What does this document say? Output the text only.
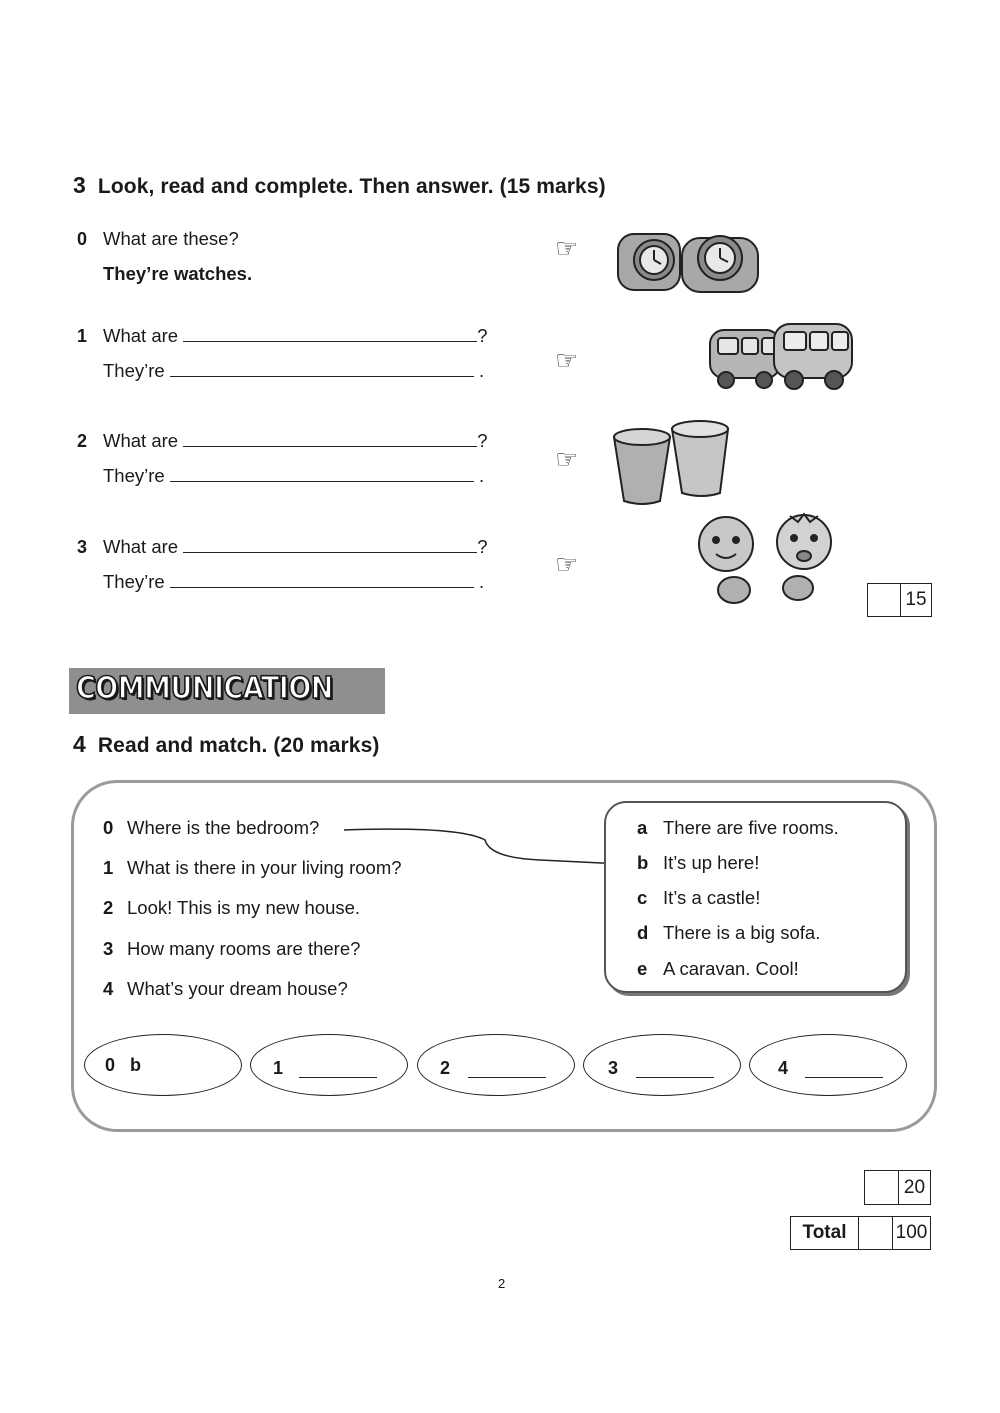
3 Look, read and complete. Then answer. (15 marks)
0 What are these?
They’re watches.
☞
1 What are	?
They’re	.	☞
2 What are	?
They’re	.
☞
3 What are	?
They’re	.
☞
15
COMMUNICATION
4 Read and match. (20 marks)
0 Where is the bedroom?
1 What is there in your living room?
2 Look! This is my new house.
3 How many rooms are there?
4 What’s your dream house?
a There are five rooms.
b It’s up here!
c It’s a castle!
d There is a big sofa.
e A caravan. Cool!
0 b	1	2	3	4
20
Total	100
2
